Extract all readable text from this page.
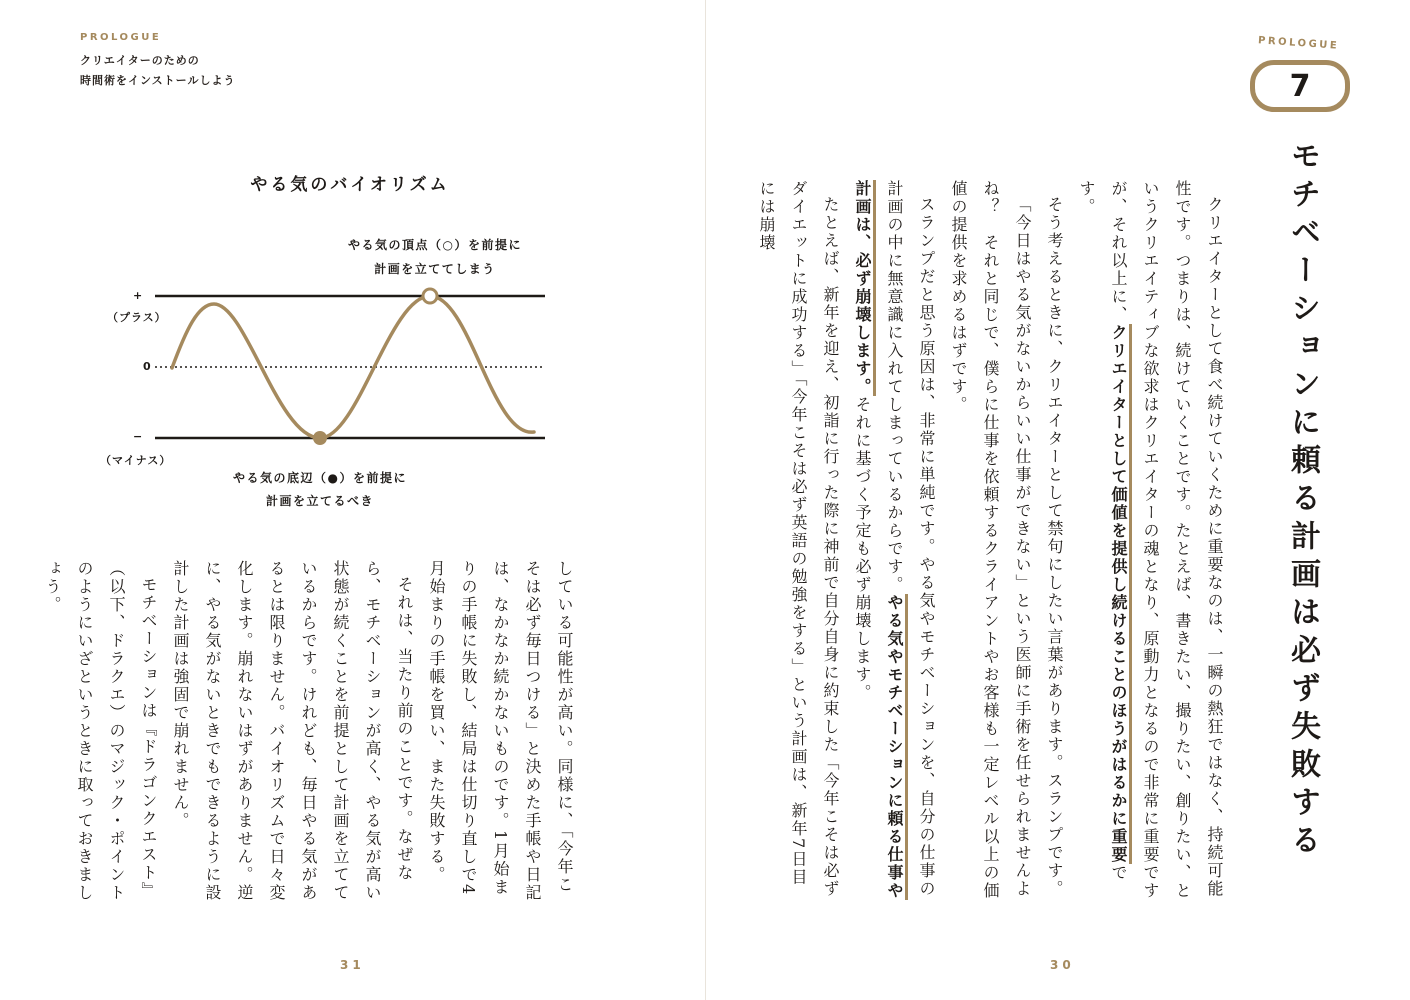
PROLOGUE
クリエイターのための
時間術をインストールしよう
やる気のバイオリズム
やる気の頂点（○）を前提に
計画を立ててしまう
+
（プラス）
0
−
（マイナス）
やる気の底辺（●）を前提に
計画を立てるべき

している可能性が高い。同様に、「今年こそは必ず毎日つける」と決めた手帳や日記は、なかなか続かないものです。1月始まりの手帳に失敗し、結局は仕切り直しで4月始まりの手帳を買い、また失敗する。

それは、当たり前のことです。なぜなら、モチベーションが高く、やる気が高い状態が続くことを前提として計画を立てているからです。けれども、毎日やる気があるとは限りません。バイオリズムで日々変化します。崩れないはずがありません。逆に、やる気がないときでもできるように設計した計画は強固で崩れません。

モチベーションは『ドラゴンクエスト』（以下、ドラクエ）のマジック・ポイントのようにいざというときに取っておきましょう。

31
PROLOGUE
7
モチベーションに頼る計画は必ず失敗する

クリエイターとして食べ続けていくために重要なのは、一瞬の熱狂ではなく、持続可能性です。つまりは、続けていくことです。たとえば、書きたい、撮りたい、創りたい、というクリエイティブな欲求はクリエイターの魂となり、原動力となるので非常に重要ですが、それ以上に、クリエイターとして価値を提供し続けることのほうがはるかに重要です。

そう考えるときに、クリエイターとして禁句にしたい言葉があります。スランプです。

「今日はやる気がないからいい仕事ができない」という医師に手術を任せられませんよね？　それと同じで、僕らに仕事を依頼するクライアントやお客様も一定レベル以上の価値の提供を求めるはずです。

スランプだと思う原因は、非常に単純です。やる気やモチベーションを、自分の仕事の計画の中に無意識に入れてしまっているからです。やる気やモチベーションに頼る仕事や計画は、必ず崩壊します。それに基づく予定も必ず崩壊します。

たとえば、新年を迎え、初詣に行った際に神前で自分自身に約束した「今年こそは必ずダイエットに成功する」「今年こそは必ず英語の勉強をする」という計画は、新年7日目には崩壊

30
